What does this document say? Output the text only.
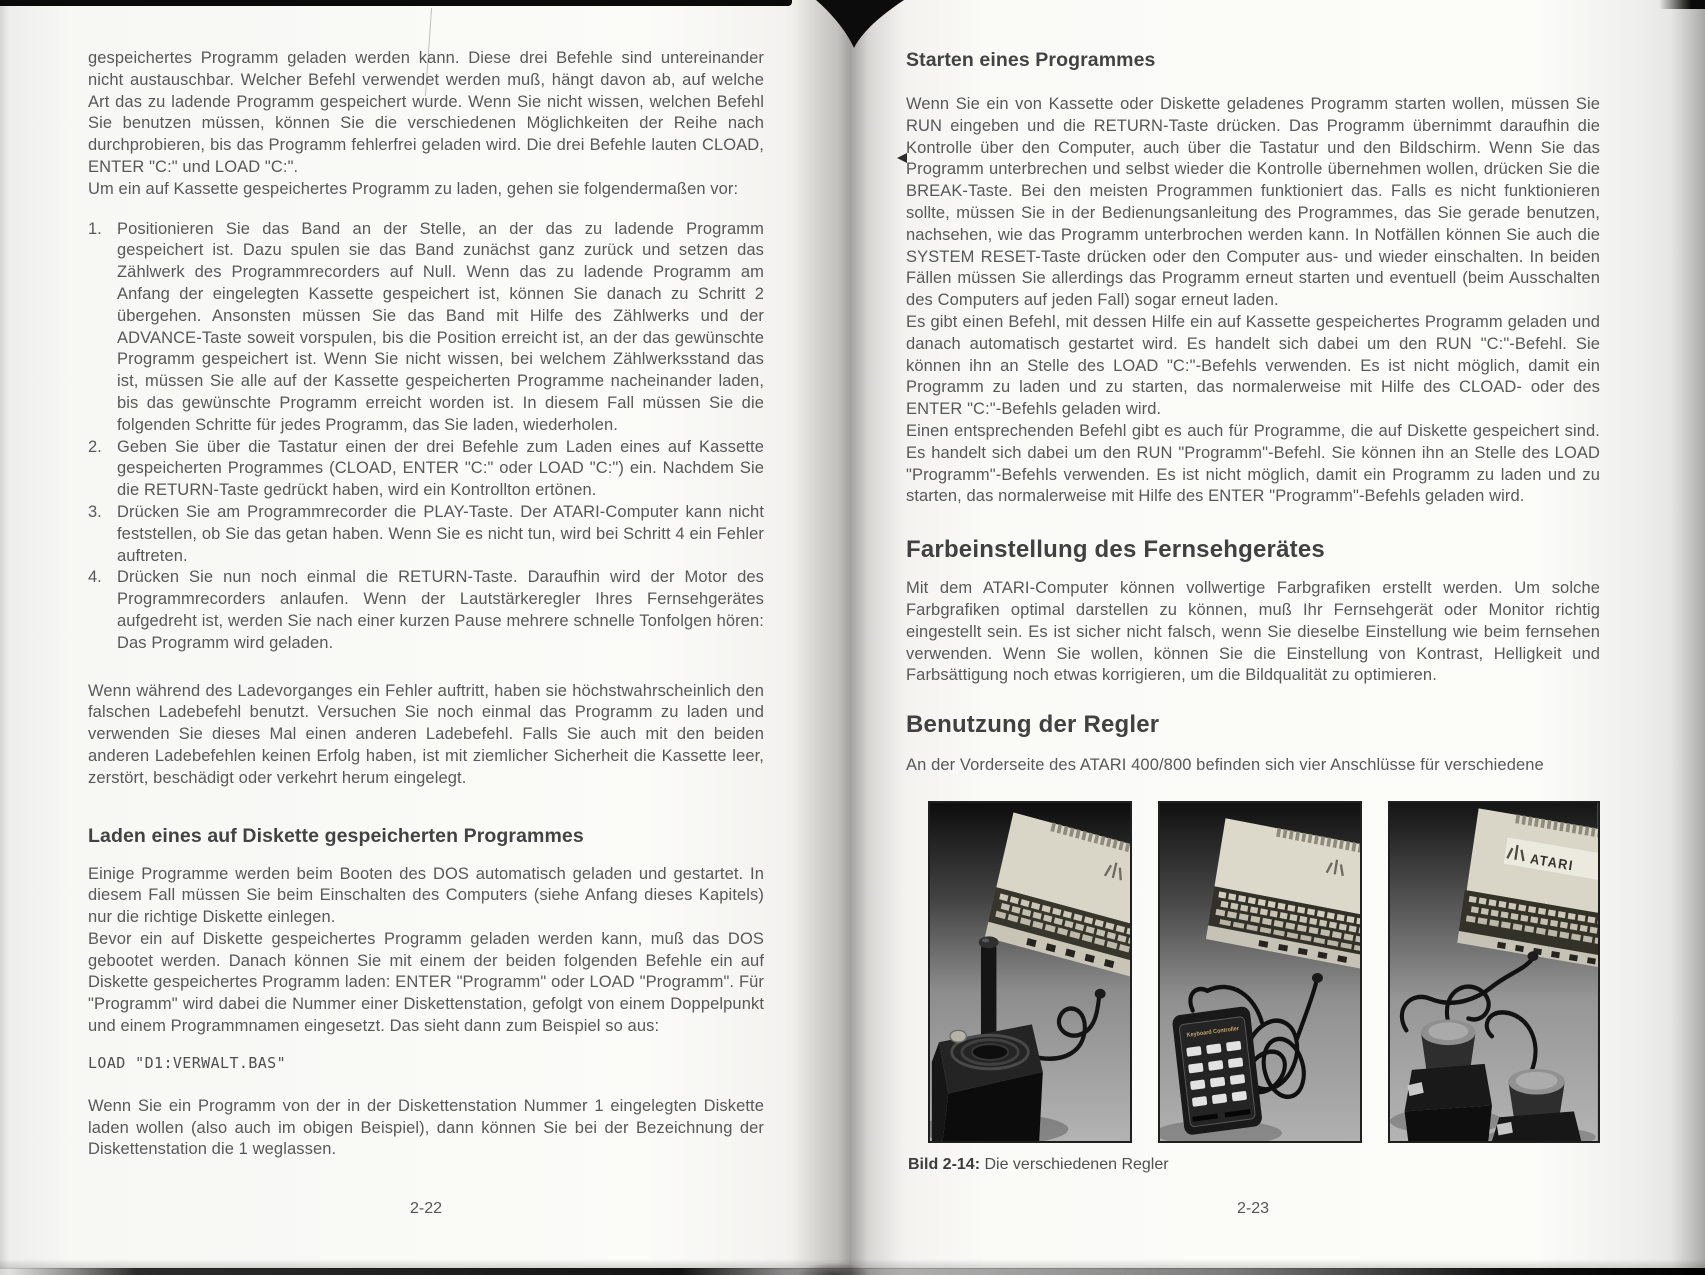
gespeichertes Programm geladen werden kann. Diese drei Befehle sind untereinander nicht austauschbar. Welcher Befehl verwendet werden muß, hängt davon ab, auf welche Art das zu ladende Programm gespeichert wurde. Wenn Sie nicht wissen, welchen Befehl Sie benutzen müssen, können Sie die verschiedenen Möglichkeiten der Reihe nach durchprobieren, bis das Programm fehlerfrei geladen wird. Die drei Befehle lauten CLOAD, ENTER "C:" und LOAD "C:".

Um ein auf Kassette gespeichertes Programm zu laden, gehen sie folgendermaßen vor:

1. Positionieren Sie das Band an der Stelle, an der das zu ladende Programm gespeichert ist. Dazu spulen sie das Band zunächst ganz zurück und setzen das Zählwerk des Programmrecorders auf Null. Wenn das zu ladende Programm am Anfang der eingelegten Kassette gespeichert ist, können Sie danach zu Schritt 2 übergehen. Ansonsten müssen Sie das Band mit Hilfe des Zählwerks und der ADVANCE-Taste soweit vorspulen, bis die Position erreicht ist, an der das gewünschte Programm gespeichert ist. Wenn Sie nicht wissen, bei welchem Zählwerksstand das ist, müssen Sie alle auf der Kassette gespeicherten Programme nacheinander laden, bis das gewünschte Programm erreicht worden ist. In diesem Fall müssen Sie die folgenden Schritte für jedes Programm, das Sie laden, wiederholen.
2. Geben Sie über die Tastatur einen der drei Befehle zum Laden eines auf Kassette gespeicherten Programmes (CLOAD, ENTER "C:" oder LOAD "C:") ein. Nachdem Sie die RETURN-Taste gedrückt haben, wird ein Kontrollton ertönen.
3. Drücken Sie am Programmrecorder die PLAY-Taste. Der ATARI-Computer kann nicht feststellen, ob Sie das getan haben. Wenn Sie es nicht tun, wird bei Schritt 4 ein Fehler auftreten.
4. Drücken Sie nun noch einmal die RETURN-Taste. Daraufhin wird der Motor des Programmrecorders anlaufen. Wenn der Lautstärkeregler Ihres Fernsehgerätes aufgedreht ist, werden Sie nach einer kurzen Pause mehrere schnelle Tonfolgen hören: Das Programm wird geladen.

Wenn während des Ladevorganges ein Fehler auftritt, haben sie höchstwahrscheinlich den falschen Ladebefehl benutzt. Versuchen Sie noch einmal das Programm zu laden und verwenden Sie dieses Mal einen anderen Ladebefehl. Falls Sie auch mit den beiden anderen Ladebefehlen keinen Erfolg haben, ist mit ziemlicher Sicherheit die Kassette leer, zerstört, beschädigt oder verkehrt herum eingelegt.

Laden eines auf Diskette gespeicherten Programmes

Einige Programme werden beim Booten des DOS automatisch geladen und gestartet. In diesem Fall müssen Sie beim Einschalten des Computers (siehe Anfang dieses Kapitels) nur die richtige Diskette einlegen.

Bevor ein auf Diskette gespeichertes Programm geladen werden kann, muß das DOS gebootet werden. Danach können Sie mit einem der beiden folgenden Befehle ein auf Diskette gespeichertes Programm laden: ENTER "Programm" oder LOAD "Programm". Für "Programm" wird dabei die Nummer einer Diskettenstation, gefolgt von einem Doppelpunkt und einem Programmnamen eingesetzt. Das sieht dann zum Beispiel so aus:

LOAD "D1:VERWALT.BAS"

Wenn Sie ein Programm von der in der Diskettenstation Nummer 1 eingelegten Diskette laden wollen (also auch im obigen Beispiel), dann können Sie bei der Bezeichnung der Diskettenstation die 1 weglassen.

2-22
Starten eines Programmes

Wenn Sie ein von Kassette oder Diskette geladenes Programm starten wollen, müssen Sie RUN eingeben und die RETURN-Taste drücken. Das Programm übernimmt daraufhin die Kontrolle über den Computer, auch über die Tastatur und den Bildschirm. Wenn Sie das Programm unterbrechen und selbst wieder die Kontrolle übernehmen wollen, drücken Sie die BREAK-Taste. Bei den meisten Programmen funktioniert das. Falls es nicht funktionieren sollte, müssen Sie in der Bedienungsanleitung des Programmes, das Sie gerade benutzen, nachsehen, wie das Programm unterbrochen werden kann. In Notfällen können Sie auch die SYSTEM RESET-Taste drücken oder den Computer aus- und wieder einschalten. In beiden Fällen müssen Sie allerdings das Programm erneut starten und eventuell (beim Ausschalten des Computers auf jeden Fall) sogar erneut laden.

Es gibt einen Befehl, mit dessen Hilfe ein auf Kassette gespeichertes Programm geladen und danach automatisch gestartet wird. Es handelt sich dabei um den RUN "C:"-Befehl. Sie können ihn an Stelle des LOAD "C:"-Befehls verwenden. Es ist nicht möglich, damit ein Programm zu laden und zu starten, das normalerweise mit Hilfe des CLOAD- oder des ENTER "C:"-Befehls geladen wird.

Einen entsprechenden Befehl gibt es auch für Programme, die auf Diskette gespeichert sind. Es handelt sich dabei um den RUN "Programm"-Befehl. Sie können ihn an Stelle des LOAD "Programm"-Befehls verwenden. Es ist nicht möglich, damit ein Programm zu laden und zu starten, das normalerweise mit Hilfe des ENTER "Programm"-Befehls geladen wird.

Farbeinstellung des Fernsehgerätes

Mit dem ATARI-Computer können vollwertige Farbgrafiken erstellt werden. Um solche Farbgrafiken optimal darstellen zu können, muß Ihr Fernsehgerät oder Monitor richtig eingestellt sein. Es ist sicher nicht falsch, wenn Sie dieselbe Einstellung wie beim fernsehen verwenden. Wenn Sie wollen, können Sie die Einstellung von Kontrast, Helligkeit und Farbsättigung noch etwas korrigieren, um die Bildqualität zu optimieren.

Benutzung der Regler

An der Vorderseite des ATARI 400/800 befinden sich vier Anschlüsse für verschiedene

Keyboard Controller
ATARI

Bild 2-14: Die verschiedenen Regler

2-23
